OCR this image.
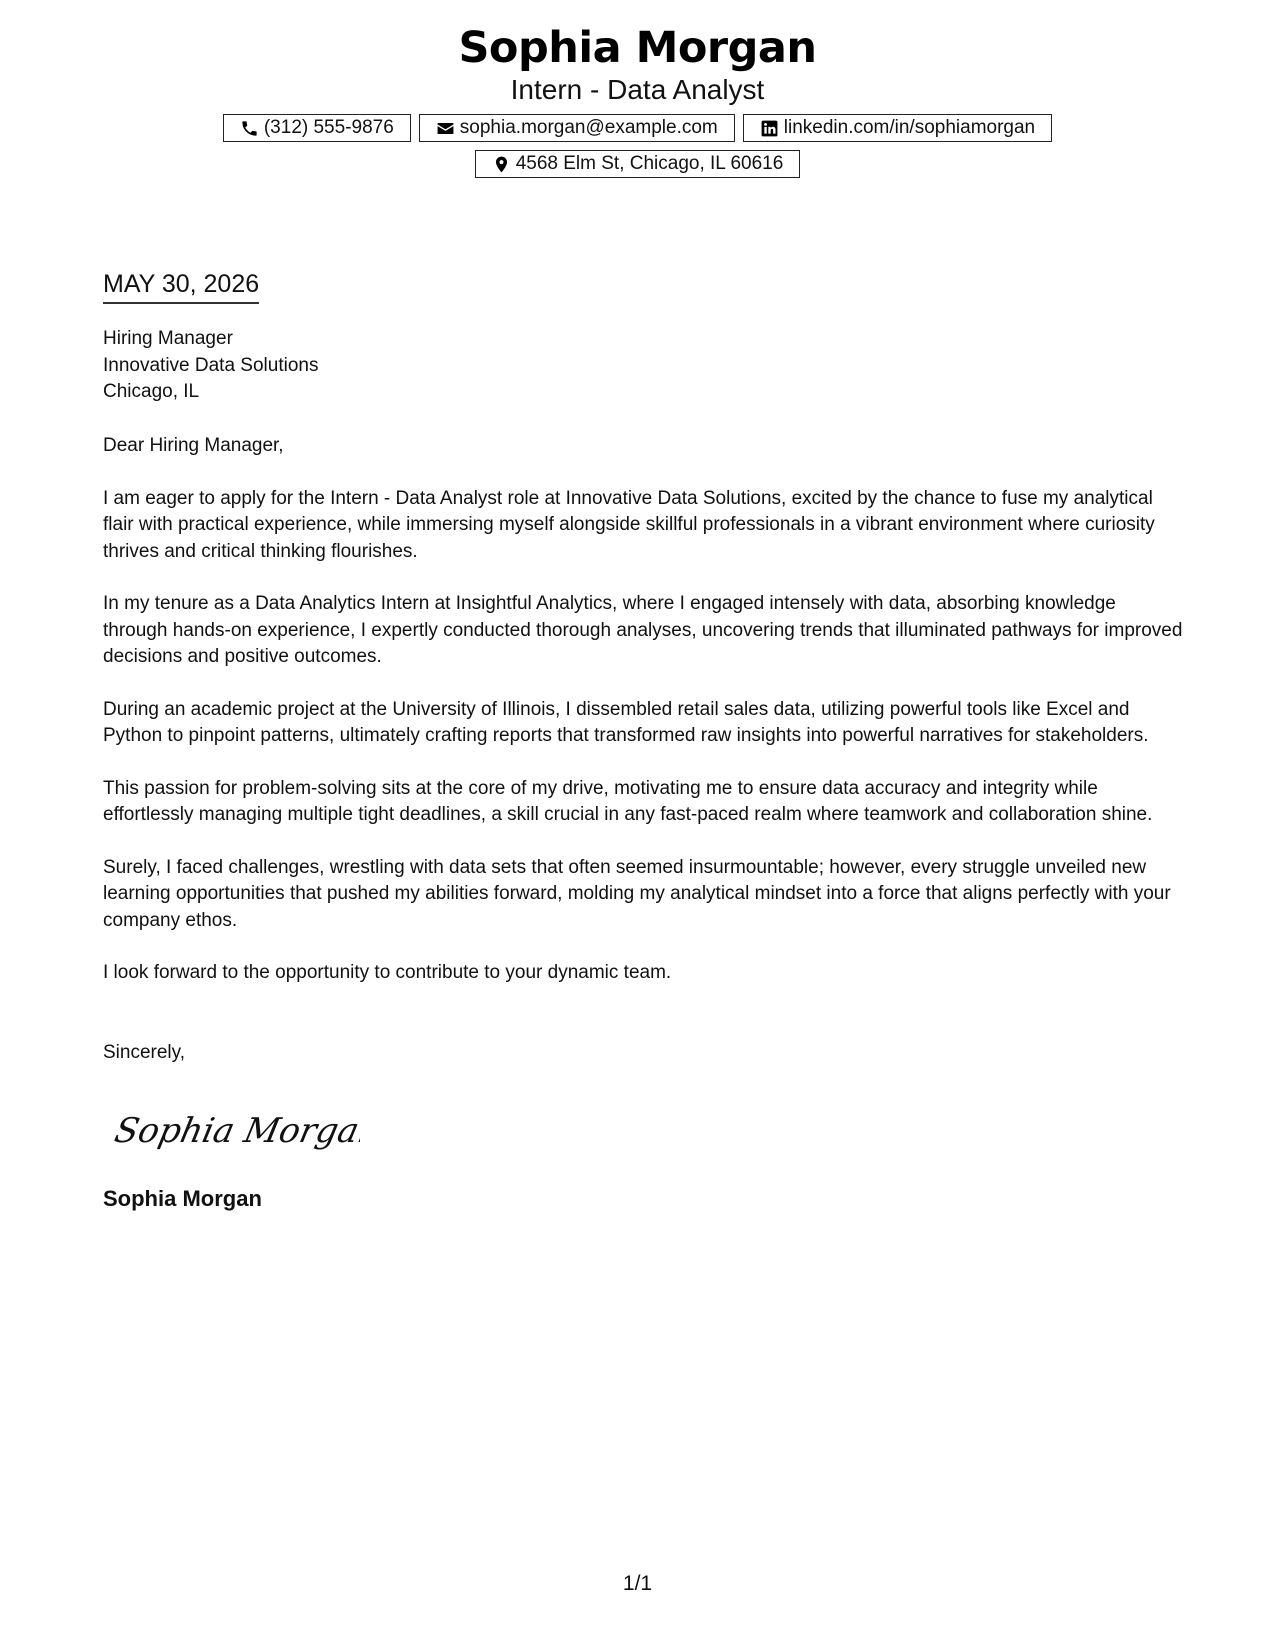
Sophia Morgan
Intern - Data Analyst
(312) 555-9876	sophia.morgan@example.com	linkedin.com/in/sophiamorgan
4568 Elm St, Chicago, IL 60616
MAY 30, 2026
Hiring Manager
Innovative Data Solutions
Chicago, IL

Dear Hiring Manager,

I am eager to apply for the Intern - Data Analyst role at Innovative Data Solutions, excited by the chance to fuse my analytical flair with practical experience, while immersing myself alongside skillful professionals in a vibrant environment where curiosity thrives and critical thinking flourishes.

In my tenure as a Data Analytics Intern at Insightful Analytics, where I engaged intensely with data, absorbing knowledge through hands-on experience, I expertly conducted thorough analyses, uncovering trends that illuminated pathways for improved decisions and positive outcomes.

During an academic project at the University of Illinois, I dissembled retail sales data, utilizing powerful tools like Excel and Python to pinpoint patterns, ultimately crafting reports that transformed raw insights into powerful narratives for stakeholders.

This passion for problem-solving sits at the core of my drive, motivating me to ensure data accuracy and integrity while effortlessly managing multiple tight deadlines, a skill crucial in any fast-paced realm where teamwork and collaboration shine.

Surely, I faced challenges, wrestling with data sets that often seemed insurmountable; however, every struggle unveiled new learning opportunities that pushed my abilities forward, molding my analytical mindset into a force that aligns perfectly with your company ethos.

I look forward to the opportunity to contribute to your dynamic team.

Sincerely,
Sophia Morgan
Sophia Morgan
1/1
